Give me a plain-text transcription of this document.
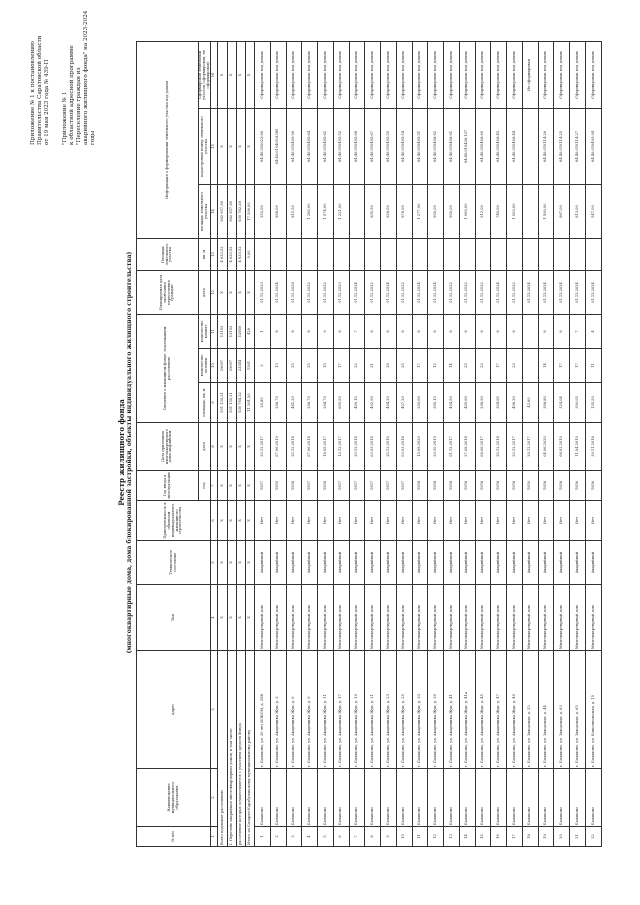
Приложение № 1 к постановлению Правительства Саратовской области от 19 мая 2023 года № 439-П "Приложение № 1 к областной адресной программе "Переселение граждан из аварийного жилищного фонда" на 2023-2024 годы
Реестр жилищного фонда (многоквартирные дома, дома блокированной застройки, объекты индивидуального жилищного строительства)
№ п/п	Наименование муниципального образования	Адрес	Тип	Техническое состояние	Принадлежность к объектам индивидуального жилищного строительства	Год ввода в эксплуатацию	Дата признания многоквартирного дома аварийным	Сведения о жилищном фонде, подлежащем расселению			Планируемая дата окончания переселения граждан	Площадь земельного участка	Информация о формировании земельного участка под домом		
						год	дата	площадь, кв. м	количество человек	количество комнат	дата	кв. м	площадь земельного участка	кадастровый номер земельного участка	Сформирован земельный участок (сформирован, не сформирован)
1	2	3	4	5	6	7	8	9	10	11	12	13	14	15	16
Всего подлежит расселению			X	X	X	X	X	551 139,21	29697	13193	X	4 633,52	982 957,38	X	X
I. Перечень аварийных многоквартирных домов, в том числе			X	X	X	X	X	551 139,21	29697	13193	X	4 633,52	982 957,38	X	X
расселение которых осуществляется с участием средств Фонда			X	X	X	X	X	530 764,22	23344	12859	X	4 633,52	930 782,28	X	X
Итого по Базарно-Карабулакскому муниципальному району			X	X	X	X	X	11 281,30	1261	428	X	0,00	17 296,00	X	X
1	Балаково	г. Балаково, ул. 30 лет ВЛКСМ, д. 25В	Многоквартирный дом	Аварийный	Нет	1957	20.12.2017	25,80	2	1	01.12.2023		253,00	64:40:010023:66	Сформирован под домом
2	Балаково	г. Балаково, ул. Академика Жук, д. 3	Многоквартирный дом	Аварийный	Нет	1959	07.06.2019	298,70	13	8	01.12.2024		898,00	64:40:010405:8389	Сформирован под домом
3	Балаково	г. Балаково, ул. Академика Жук, д. 6	Многоквартирный дом	Аварийный	Нет	1958	25.12.2018	481,20	25	8	01.12.2028		815,50	64:40:010409:06	Сформирован под домом
4	Балаково	г. Балаково, ул. Академика Жук, д. 9	Многоквартирный дом	Аварийный	Нет	1957	07.06.2018	298,70	25	8	01.12.2022		1 280,00	64:40:010405:64	Сформирован под домом
5	Балаково	г. Балаково, ул. Академика Жук, д. 11	Многоквартирный дом	Аварийный	Нет	1956	18.05.2017	294,70	15	9	01.12.2022		1 074,00	64:40:010405:62	Сформирован под домом
6	Балаково	г. Балаково, ул. Академика Жук, д. 17	Многоквартирный дом	Аварийный	Нет	1957	13.12.2017	605,50	17	8	01.12.2023		1 221,00	64:40:010405:52	Сформирован под домом
7	Балаково	г. Балаково, ул. Академика Жук, д. 19	Многоквартирный дом	Аварийный	Нет	1957	20.12.2018	400,10	22	7	01.12.2024			64:40:010405:68	Сформирован под домом
8	Балаково	г. Балаково, ул. Академика Жук, д. 21	Многоквартирный дом	Аварийный	Нет	1957	03.03.2018	402,90	21	8	01.12.2022		835,50	64:40:010405:67	Сформирован под домом
9	Балаково	г. Балаково, ул. Академика Жук, д. 23	Многоквартирный дом	Аварийный	Нет	1957	25.12.2016	404,20	30	8	01.12.2024		828,00	64:40:010405:55	Сформирован под домом
10	Балаково	г. Балаково, ул. Академика Жук, д. 25	Многоквартирный дом	Аварийный	Нет	1957	03.03.2018	407,20	25	8	01.12.2022		878,00	64:40:010405:54	Сформирован под домом
11	Балаково	г. Балаково, ул. Академика Жук, д. 33	Многоквартирный дом	Аварийный	Нет	1958	13.08.2020	200,60	17	8	01.12.2024		1 277,00	64:40:010405:51	Сформирован под домом
12	Балаково	г. Балаково, ул. Академика Жук, д. 39	Многоквартирный дом	Аварийный	Нет	1958	20.10.2019	395,10	12	8	01.12.2024		909,00	64:40:010406:62	Сформирован под домом
13	Балаково	г. Балаково, ул. Академика Жук, д. 41	Многоквартирный дом	Аварийный	Нет	1958	01.12.2017	404,50	14	8	01.12.2022		909,00	64:40:010406:61	Сформирован под домом
14	Балаково	г. Балаково, ул. Академика Жук, д. 41а	Многоквартирный дом	Аварийный	Нет	1958	27.08.2018	405,60	25	8	01.12.2022		1 060,00	64:40:010406:107	Сформирован под домом
15	Балаково	г. Балаково, ул. Академика Жук, д. 45	Многоквартирный дом	Аварийный	Нет	1958	08.06.2017	298,90	22	8	01.12.2022		912,00	64:40:010406:60	Сформирован под домом
16	Балаково	г. Балаково, ул. Академика Жук, д. 47	Многоквартирный дом	Аварийный	Нет	1958	25.12.2018	304,65	17	8	01.12.2024		740,00	64:40:010406:45	Сформирован под домом
17	Балаково	г. Балаково, ул. Академика Жук, д. 49	Многоквартирный дом	Аварийный	Нет	1958	20.12.2017	408,20	23	8	01.12.2022		1 003,00	64:40:010406:44	Сформирован под домом
18	Балаково	г. Балаково, ул. Заводская, д. 22	Многоквартирный дом	Аварийный	Нет	1959	20.12.2017	42,60			01.12.2024				Не сформирован
19	Балаково	г. Балаково, ул. Заводская, д. 44	Многоквартирный дом	Аварийный	Нет	1958	04.06.2020	398,80	14	8	01.12.2024		1 590,00	64:40:010114:26	Сформирован под домом
20	Балаково	г. Балаково, ул. Заводская, д. 63	Многоквартирный дом	Аварийный	Нет	1958	08.02.2019	324,04	17	8	01.12.2024		867,00	64:40:010114:25	Сформирован под домом
21	Балаково	г. Балаково, ул. Заводская, д. 65	Многоквартирный дом	Аварийный	Нет	1956	11.04.2019	300,05	17	7	01.12.2024		813,00	64:40:010114:27	Сформирован под домом
22	Балаково	г. Балаково, ул. Комсомольская, д. 15	Многоквартирный дом	Аварийный	Нет	1956	30.11.2018	135,50	11	4	01.12.2024		547,00	64:40:010405:94	Сформирован под домом
